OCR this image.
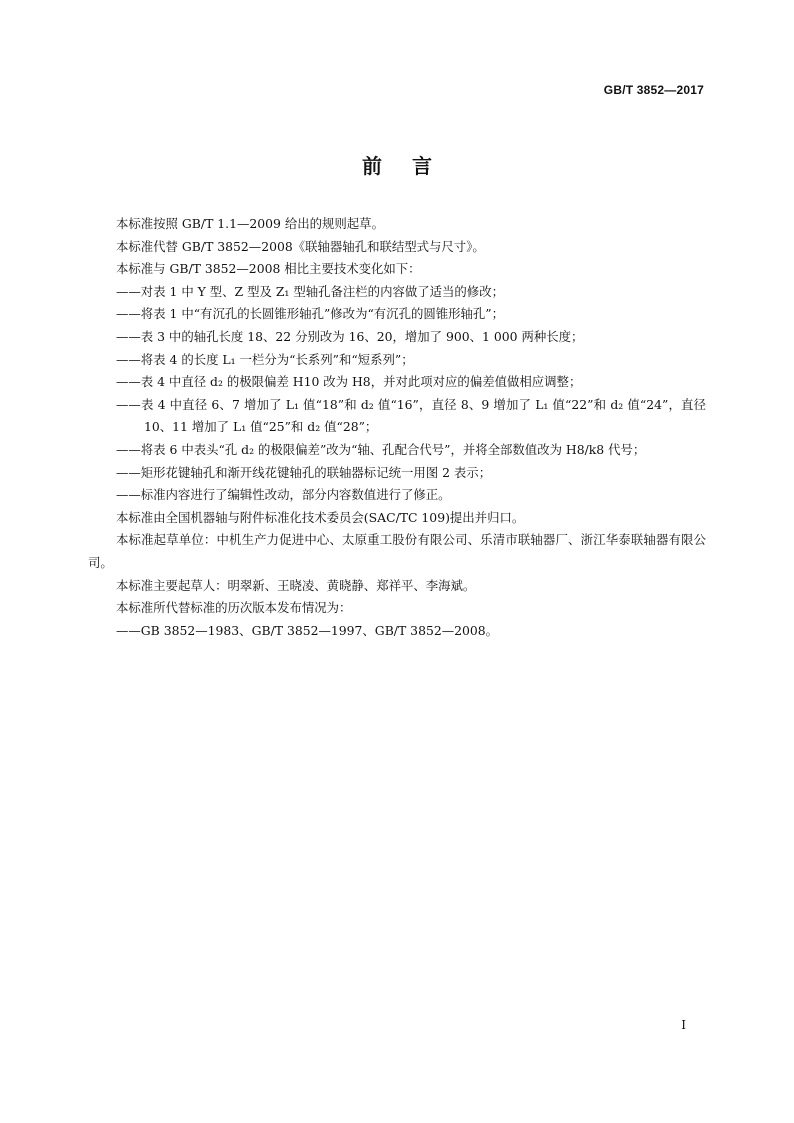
GB/T 3852—2017
前言

本标准按照 GB/T 1.1—2009 给出的规则起草。

本标准代替 GB/T 3852—2008《联轴器轴孔和联结型式与尺寸》。

本标准与 GB/T 3852—2008 相比主要技术变化如下：

——对表 1 中 Y 型、Z 型及 Z₁ 型轴孔备注栏的内容做了适当的修改；

——将表 1 中“有沉孔的长圆锥形轴孔”修改为“有沉孔的圆锥形轴孔”；

——表 3 中的轴孔长度 18、22 分别改为 16、20，增加了 900、1 000 两种长度；

——将表 4 的长度 L₁ 一栏分为“长系列”和“短系列”；

——表 4 中直径 d₂ 的极限偏差 H10 改为 H8，并对此项对应的偏差值做相应调整；

——表 4 中直径 6、7 增加了 L₁ 值“18”和 d₂ 值“16”，直径 8、9 增加了 L₁ 值“22”和 d₂ 值“24”，直径 10、11 增加了 L₁ 值“25”和 d₂ 值“28”；

——将表 6 中表头“孔 d₂ 的极限偏差”改为“轴、孔配合代号”，并将全部数值改为 H8/k8 代号；

——矩形花键轴孔和渐开线花键轴孔的联轴器标记统一用图 2 表示；

——标准内容进行了编辑性改动，部分内容数值进行了修正。

本标准由全国机器轴与附件标准化技术委员会(SAC/TC 109)提出并归口。

本标准起草单位：中机生产力促进中心、太原重工股份有限公司、乐清市联轴器厂、浙江华泰联轴器有限公司。

本标准主要起草人：明翠新、王晓凌、黄晓静、郑祥平、李海斌。

本标准所代替标准的历次版本发布情况为：

——GB 3852—1983、GB/T 3852—1997、GB/T 3852—2008。

I
